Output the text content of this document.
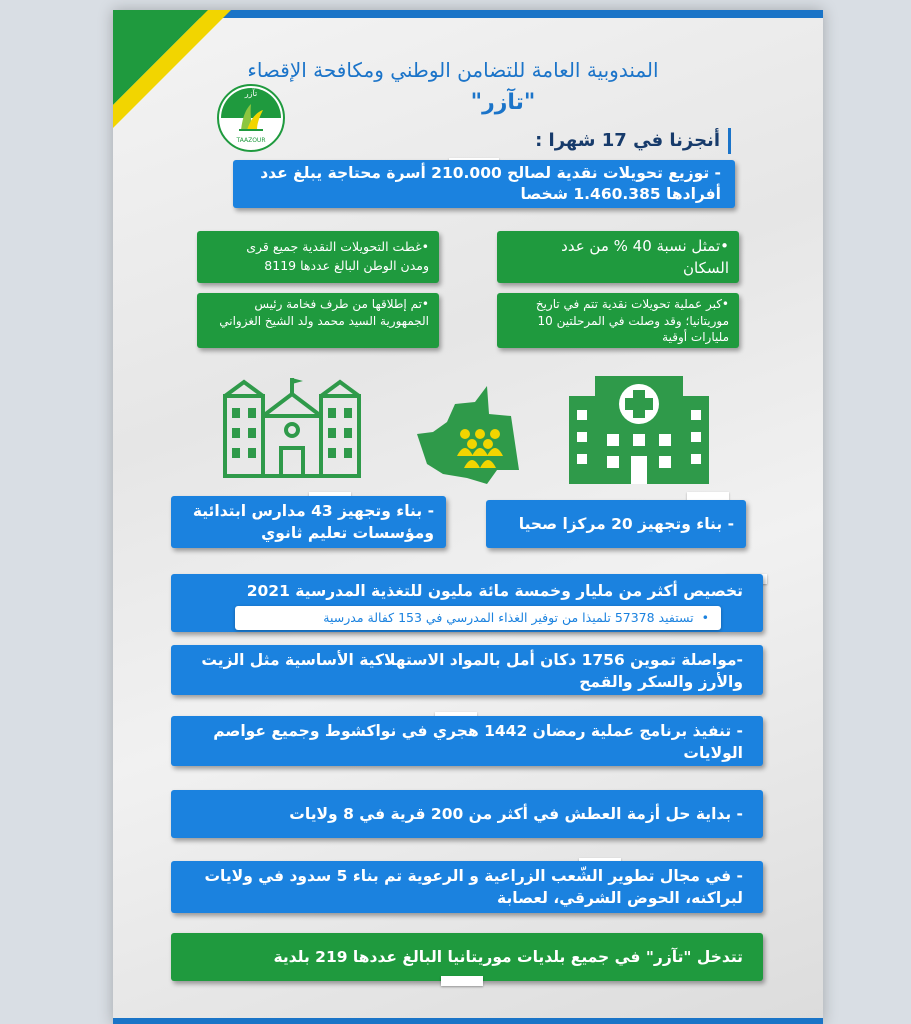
المندوبية العامة للتضامن الوطني ومكافحة الإقصاء
"تآزر"
تآزر
TAAZOUR	أنجزنا في 17 شهرا :
- توزيع تحويلات نقدية لصالح 210.000 أسرة محتاجة يبلغ عدد أفرادها 1.460.385 شخصا
•تمثل نسبة 40 % من عدد السكان
•غطت التحويلات النقدية جميع قرى ومدن الوطن البالغ عددها 8119
•كبر عملية تحويلات نقدية تتم في تاريخ موريتانيا؛ وقد وصلت في المرحلتين 10 مليارات أوقية
•تم إطلاقها من طرف فخامة رئيس الجمهورية السيد محمد ولد الشيخ الغزواني
- بناء وتجهيز 43 مدارس ابتدائية ومؤسسات تعليم ثانوي	- بناء وتجهيز 20 مركزا صحيا
تخصيص أكثر من مليار وخمسة مائة مليون للتغذية المدرسية 2021
• تستفيد 57378 تلميذا من توفير الغذاء المدرسي في 153 كفالة مدرسية
-مواصلة تموين 1756 دكان أمل بالمواد الاستهلاكية الأساسية مثل الزيت والأرز والسكر والقمح
- تنفيذ برنامج عملية رمضان 1442 هجري في نواكشوط وجميع عواصم الولايات
- بداية حل أزمة العطش في أكثر من 200 قرية في 8 ولايات
- في مجال تطوير الشّعب الزراعية و الرعوية تم بناء 5 سدود في ولايات لبراكنه، الحوض الشرقي، لعصابة
تتدخل "تآزر" في جميع بلديات موريتانيا البالغ عددها 219 بلدية
